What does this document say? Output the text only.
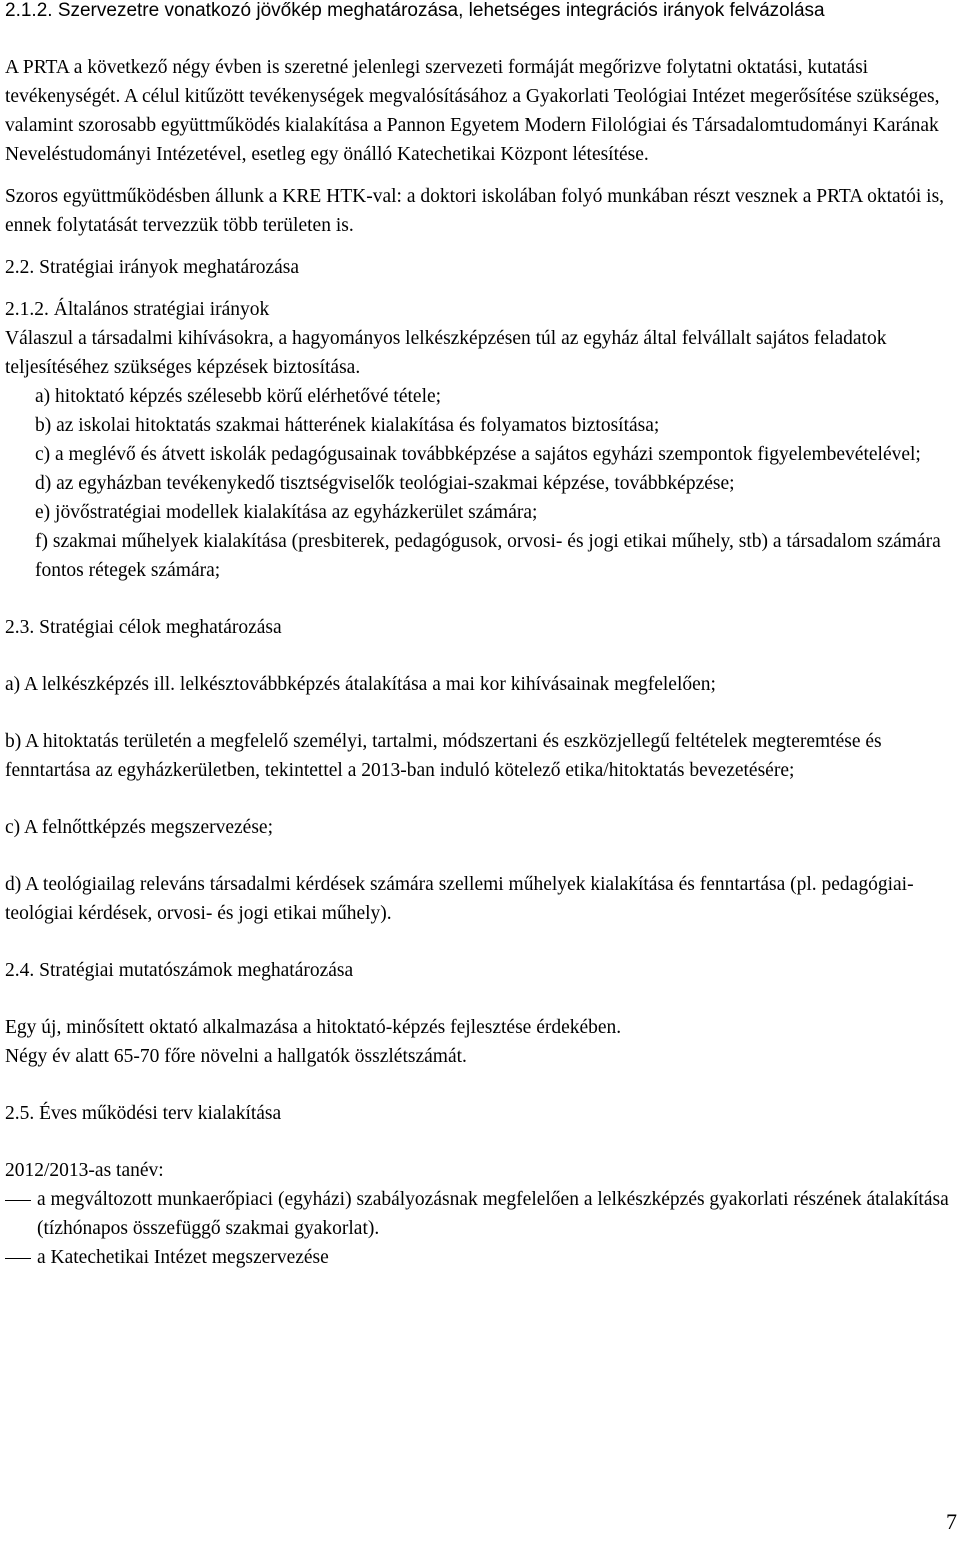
2.1.2. Szervezetre vonatkozó jövőkép meghatározása, lehetséges integrációs irányok felvázolása

A PRTA a következő négy évben is szeretné jelenlegi szervezeti formáját megőrizve folytatni oktatási, kutatási tevékenységét. A célul kitűzött tevékenységek megvalósításához a Gyakorlati Teológiai Intézet megerősítése szükséges, valamint szorosabb együttműködés kialakítása a Pannon Egyetem Modern Filológiai és Társadalomtudományi Karának Neveléstudományi Intézetével, esetleg egy önálló Katechetikai Központ létesítése.

Szoros együttműködésben állunk a KRE HTK-val: a doktori iskolában folyó munkában részt vesznek a PRTA oktatói is, ennek folytatását tervezzük több területen is.

2.2. Stratégiai irányok meghatározása

2.1.2. Általános stratégiai irányok

Válaszul a társadalmi kihívásokra, a hagyományos lelkészképzésen túl az egyház által felvállalt sajátos feladatok teljesítéséhez szükséges képzések biztosítása.

a) hitoktató képzés szélesebb körű elérhetővé tétele;
b) az iskolai hitoktatás szakmai hátterének kialakítása és folyamatos biztosítása;
c) a meglévő és átvett iskolák pedagógusainak továbbképzése a sajátos egyházi szempontok figyelembevételével;
d) az egyházban tevékenykedő tisztségviselők teológiai-szakmai képzése, továbbképzése;
e) jövőstratégiai modellek kialakítása az egyházkerület számára;
f) szakmai műhelyek kialakítása (presbiterek, pedagógusok, orvosi- és jogi etikai műhely, stb) a társadalom számára fontos rétegek számára;

2.3. Stratégiai célok meghatározása

a) A lelkészképzés ill. lelkésztovábbképzés átalakítása a mai kor kihívásainak megfelelően;

b) A hitoktatás területén a megfelelő személyi, tartalmi, módszertani és eszközjellegű feltételek megteremtése és fenntartása az egyházkerületben, tekintettel a 2013-ban induló kötelező etika/hitoktatás bevezetésére;

c) A felnőttképzés megszervezése;

d) A teológiailag releváns társadalmi kérdések számára szellemi műhelyek kialakítása és fenntartása (pl. pedagógiai-teológiai kérdések, orvosi- és jogi etikai műhely).

2.4. Stratégiai mutatószámok meghatározása

Egy új, minősített oktató alkalmazása a hitoktató-képzés fejlesztése érdekében.

Négy év alatt 65-70 főre növelni a hallgatók összlétszámát.

2.5. Éves működési terv kialakítása

2012/2013-as tanév:

a megváltozott munkaerőpiaci (egyházi) szabályozásnak megfelelően a lelkészképzés gyakorlati részének átalakítása (tízhónapos összefüggő szakmai gyakorlat).
a Katechetikai Intézet megszervezése
7
